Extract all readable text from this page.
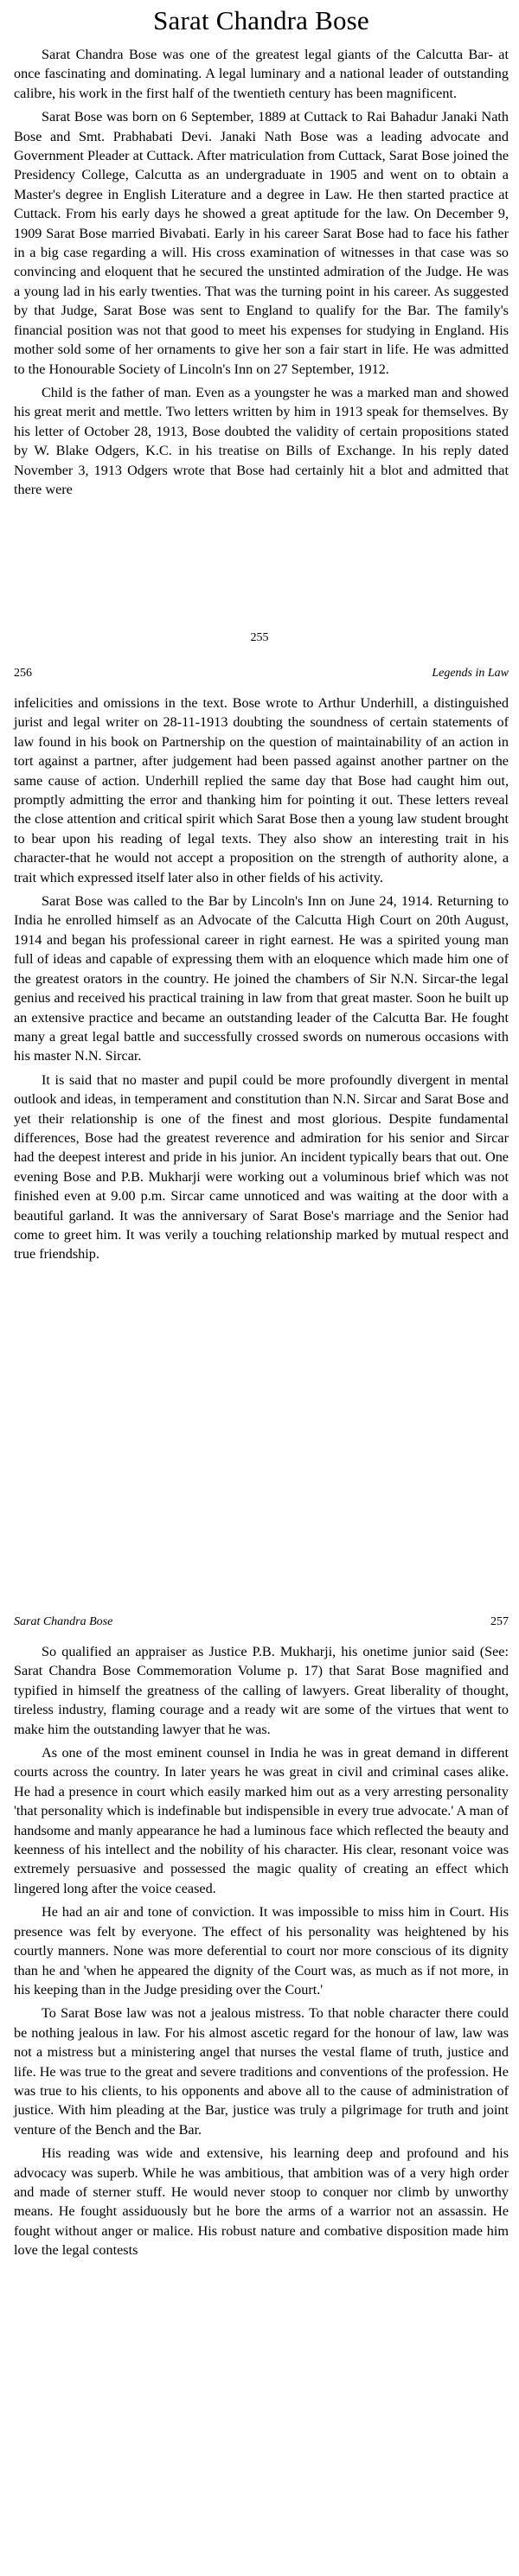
Sarat Chandra Bose

Sarat Chandra Bose was one of the greatest legal giants of the Calcutta Bar- at once fascinating and dominating. A legal luminary and a national leader of outstanding calibre, his work in the first half of the twentieth century has been magnificent.

Sarat Bose was born on 6 September, 1889 at Cuttack to Rai Bahadur Janaki Nath Bose and Smt. Prabhabati Devi. Janaki Nath Bose was a leading advocate and Government Pleader at Cuttack. After matriculation from Cuttack, Sarat Bose joined the Presidency College, Calcutta as an undergraduate in 1905 and went on to obtain a Master's degree in English Literature and a degree in Law. He then started practice at Cuttack. From his early days he showed a great aptitude for the law. On December 9, 1909 Sarat Bose married Bivabati. Early in his career Sarat Bose had to face his father in a big case regarding a will. His cross examination of witnesses in that case was so convincing and eloquent that he secured the unstinted admiration of the Judge. He was a young lad in his early twenties. That was the turning point in his career. As suggested by that Judge, Sarat Bose was sent to England to qualify for the Bar. The family's financial position was not that good to meet his expenses for studying in England. His mother sold some of her ornaments to give her son a fair start in life. He was admitted to the Honourable Society of Lincoln's Inn on 27 September, 1912.

Child is the father of man. Even as a youngster he was a marked man and showed his great merit and mettle. Two letters written by him in 1913 speak for themselves. By his letter of October 28, 1913, Bose doubted the validity of certain propositions stated by W. Blake Odgers, K.C. in his treatise on Bills of Exchange. In his reply dated November 3, 1913 Odgers wrote that Bose had certainly hit a blot and admitted that there were

255
256	Legends in Law

infelicities and omissions in the text. Bose wrote to Arthur Underhill, a distinguished jurist and legal writer on 28-11-1913 doubting the soundness of certain statements of law found in his book on Partnership on the question of maintainability of an action in tort against a partner, after judgement had been passed against another partner on the same cause of action. Underhill replied the same day that Bose had caught him out, promptly admitting the error and thanking him for pointing it out. These letters reveal the close attention and critical spirit which Sarat Bose then a young law student brought to bear upon his reading of legal texts. They also show an interesting trait in his character-that he would not accept a proposition on the strength of authority alone, a trait which expressed itself later also in other fields of his activity.

Sarat Bose was called to the Bar by Lincoln's Inn on June 24, 1914. Returning to India he enrolled himself as an Advocate of the Calcutta High Court on 20th August, 1914 and began his professional career in right earnest. He was a spirited young man full of ideas and capable of expressing them with an eloquence which made him one of the greatest orators in the country. He joined the chambers of Sir N.N. Sircar-the legal genius and received his practical training in law from that great master. Soon he built up an extensive practice and became an outstanding leader of the Calcutta Bar. He fought many a great legal battle and successfully crossed swords on numerous occasions with his master N.N. Sircar.

It is said that no master and pupil could be more profoundly divergent in mental outlook and ideas, in temperament and constitution than N.N. Sircar and Sarat Bose and yet their relationship is one of the finest and most glorious. Despite fundamental differences, Bose had the greatest reverence and admiration for his senior and Sircar had the deepest interest and pride in his junior. An incident typically bears that out. One evening Bose and P.B. Mukharji were working out a voluminous brief which was not finished even at 9.00 p.m. Sircar came unnoticed and was waiting at the door with a beautiful garland. It was the anniversary of Sarat Bose's marriage and the Senior had come to greet him. It was verily a touching relationship marked by mutual respect and true friendship.

Sarat Chandra Bose	257

So qualified an appraiser as Justice P.B. Mukharji, his onetime junior said (See: Sarat Chandra Bose Commemoration Volume p. 17) that Sarat Bose magnified and typified in himself the greatness of the calling of lawyers. Great liberality of thought, tireless industry, flaming courage and a ready wit are some of the virtues that went to make him the outstanding lawyer that he was.

As one of the most eminent counsel in India he was in great demand in different courts across the country. In later years he was great in civil and criminal cases alike. He had a presence in court which easily marked him out as a very arresting personality 'that personality which is indefinable but indispensible in every true advocate.' A man of handsome and manly appearance he had a luminous face which reflected the beauty and keenness of his intellect and the nobility of his character. His clear, resonant voice was extremely persuasive and possessed the magic quality of creating an effect which lingered long after the voice ceased.

He had an air and tone of conviction. It was impossible to miss him in Court. His presence was felt by everyone. The effect of his personality was heightened by his courtly manners. None was more deferential to court nor more conscious of its dignity than he and 'when he appeared the dignity of the Court was, as much as if not more, in his keeping than in the Judge presiding over the Court.'

To Sarat Bose law was not a jealous mistress. To that noble character there could be nothing jealous in law. For his almost ascetic regard for the honour of law, law was not a mistress but a ministering angel that nurses the vestal flame of truth, justice and life. He was true to the great and severe traditions and conventions of the profession. He was true to his clients, to his opponents and above all to the cause of administration of justice. With him pleading at the Bar, justice was truly a pilgrimage for truth and joint venture of the Bench and the Bar.

His reading was wide and extensive, his learning deep and profound and his advocacy was superb. While he was ambitious, that ambition was of a very high order and made of sterner stuff. He would never stoop to conquer nor climb by unworthy means. He fought assiduously but he bore the arms of a warrior not an assassin. He fought without anger or malice. His robust nature and combative disposition made him love the legal contests
